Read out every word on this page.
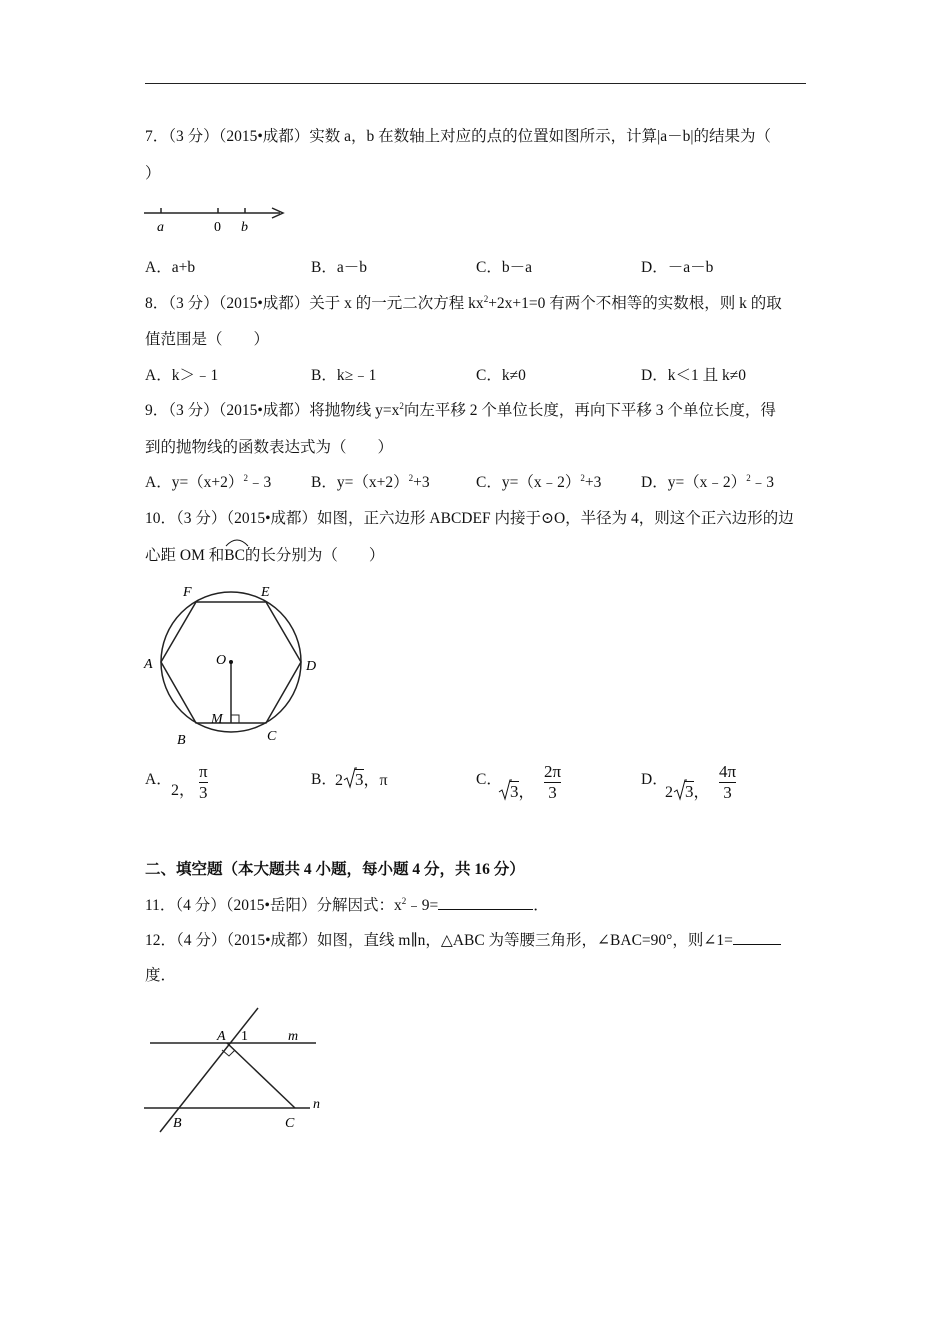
7．（3 分）（2015•成都）实数 a，b 在数轴上对应的点的位置如图所示，计算|a－b|的结果为（
）
a	0 b
A．a+b	B．a－b	C．b－a	D．－a－b
8．（3 分）（2015•成都）关于 x 的一元二次方程 $kx^2+2x+1=0$ 有两个不相等的实数根，则 k 的取
值范围是（　　）
A．k＞﹣1	B．k≥﹣1	C．k≠0	D．k＜1 且 k≠0
9．（3 分）（2015•成都）将抛物线 $y=x^2$向左平移 2 个单位长度，再向下平移 3 个单位长度，得
到的抛物线的函数表达式为（　　）
A．$y=(x+2)^2﹣3$	B．$y=(x+2)^2+3$	C．y=（x﹣2）$^2$+3	D．y=（x﹣2）$^2$﹣3
10．（3 分）（2015•成都）如图，正六边形 ABCDEF 内接于⊙O，半径为 4，则这个正六边形的边
心距 OM 和
BC的长分别为（　　）
F	E
A	D
O
M
B	C
A．
2，
π
3
B．
2 3，π	C．
3，
2π
3
D．
2 3，
4π
3
二、填空题（本大题共 4 小题，每小题 4 分，共 16 分）
11．（4 分）（2015•岳阳）分解因式：$x^2﹣9=$	．
12．（4 分）（2015•成都）如图，直线 m∥n，△ABC 为等腰三角形，∠BAC=90°，则∠1=
度．
A 1	m
n
B	C
